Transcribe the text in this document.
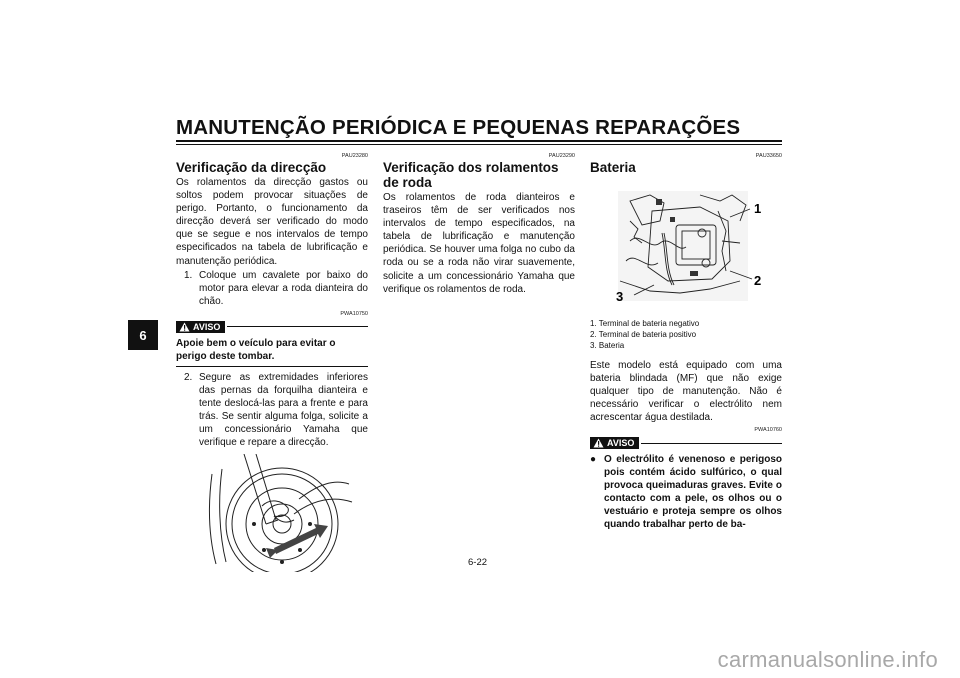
MANUTENÇÃO PERIÓDICA E PEQUENAS REPARAÇÕES
6
PAU23280
Verificação da direcção
Os rolamentos da direcção gastos ou soltos podem provocar situações de perigo. Portanto, o funcionamento da direcção deverá ser verificado do modo que se segue e nos intervalos de tempo especificados na tabela de lubrificação e manutenção periódica.
1. Coloque um cavalete por baixo do motor para elevar a roda dianteira do chão.
PWA10750
AVISO
Apoie bem o veículo para evitar o perigo deste tombar.
2. Segure as extremidades inferiores das pernas da forquilha dianteira e tente deslocá-las para a frente e para trás. Se sentir alguma folga, solicite a um concessionário Yamaha que verifique e repare a direcção.
PAU23290
Verificação dos rolamentos de roda
Os rolamentos de roda dianteiros e traseiros têm de ser verificados nos intervalos de tempo especificados, na tabela de lubrificação e manutenção periódica. Se houver uma folga no cubo da roda ou se a roda não virar suavemente, solicite a um concessionário Yamaha que verifique os rolamentos de roda.
PAU33650
Bateria
1
2
3
1. Terminal de bateria negativo
2. Terminal de bateria positivo
3. Bateria
Este modelo está equipado com uma bateria blindada (MF) que não exige qualquer tipo de manutenção. Não é necessário verificar o electrólito nem acrescentar água destilada.
PWA10760
AVISO
● O electrólito é venenoso e perigoso pois contém ácido sulfúrico, o qual provoca queimaduras graves. Evite o contacto com a pele, os olhos ou o vestuário e proteja sempre os olhos quando trabalhar perto de ba-
6-22
carmanualsonline.info
